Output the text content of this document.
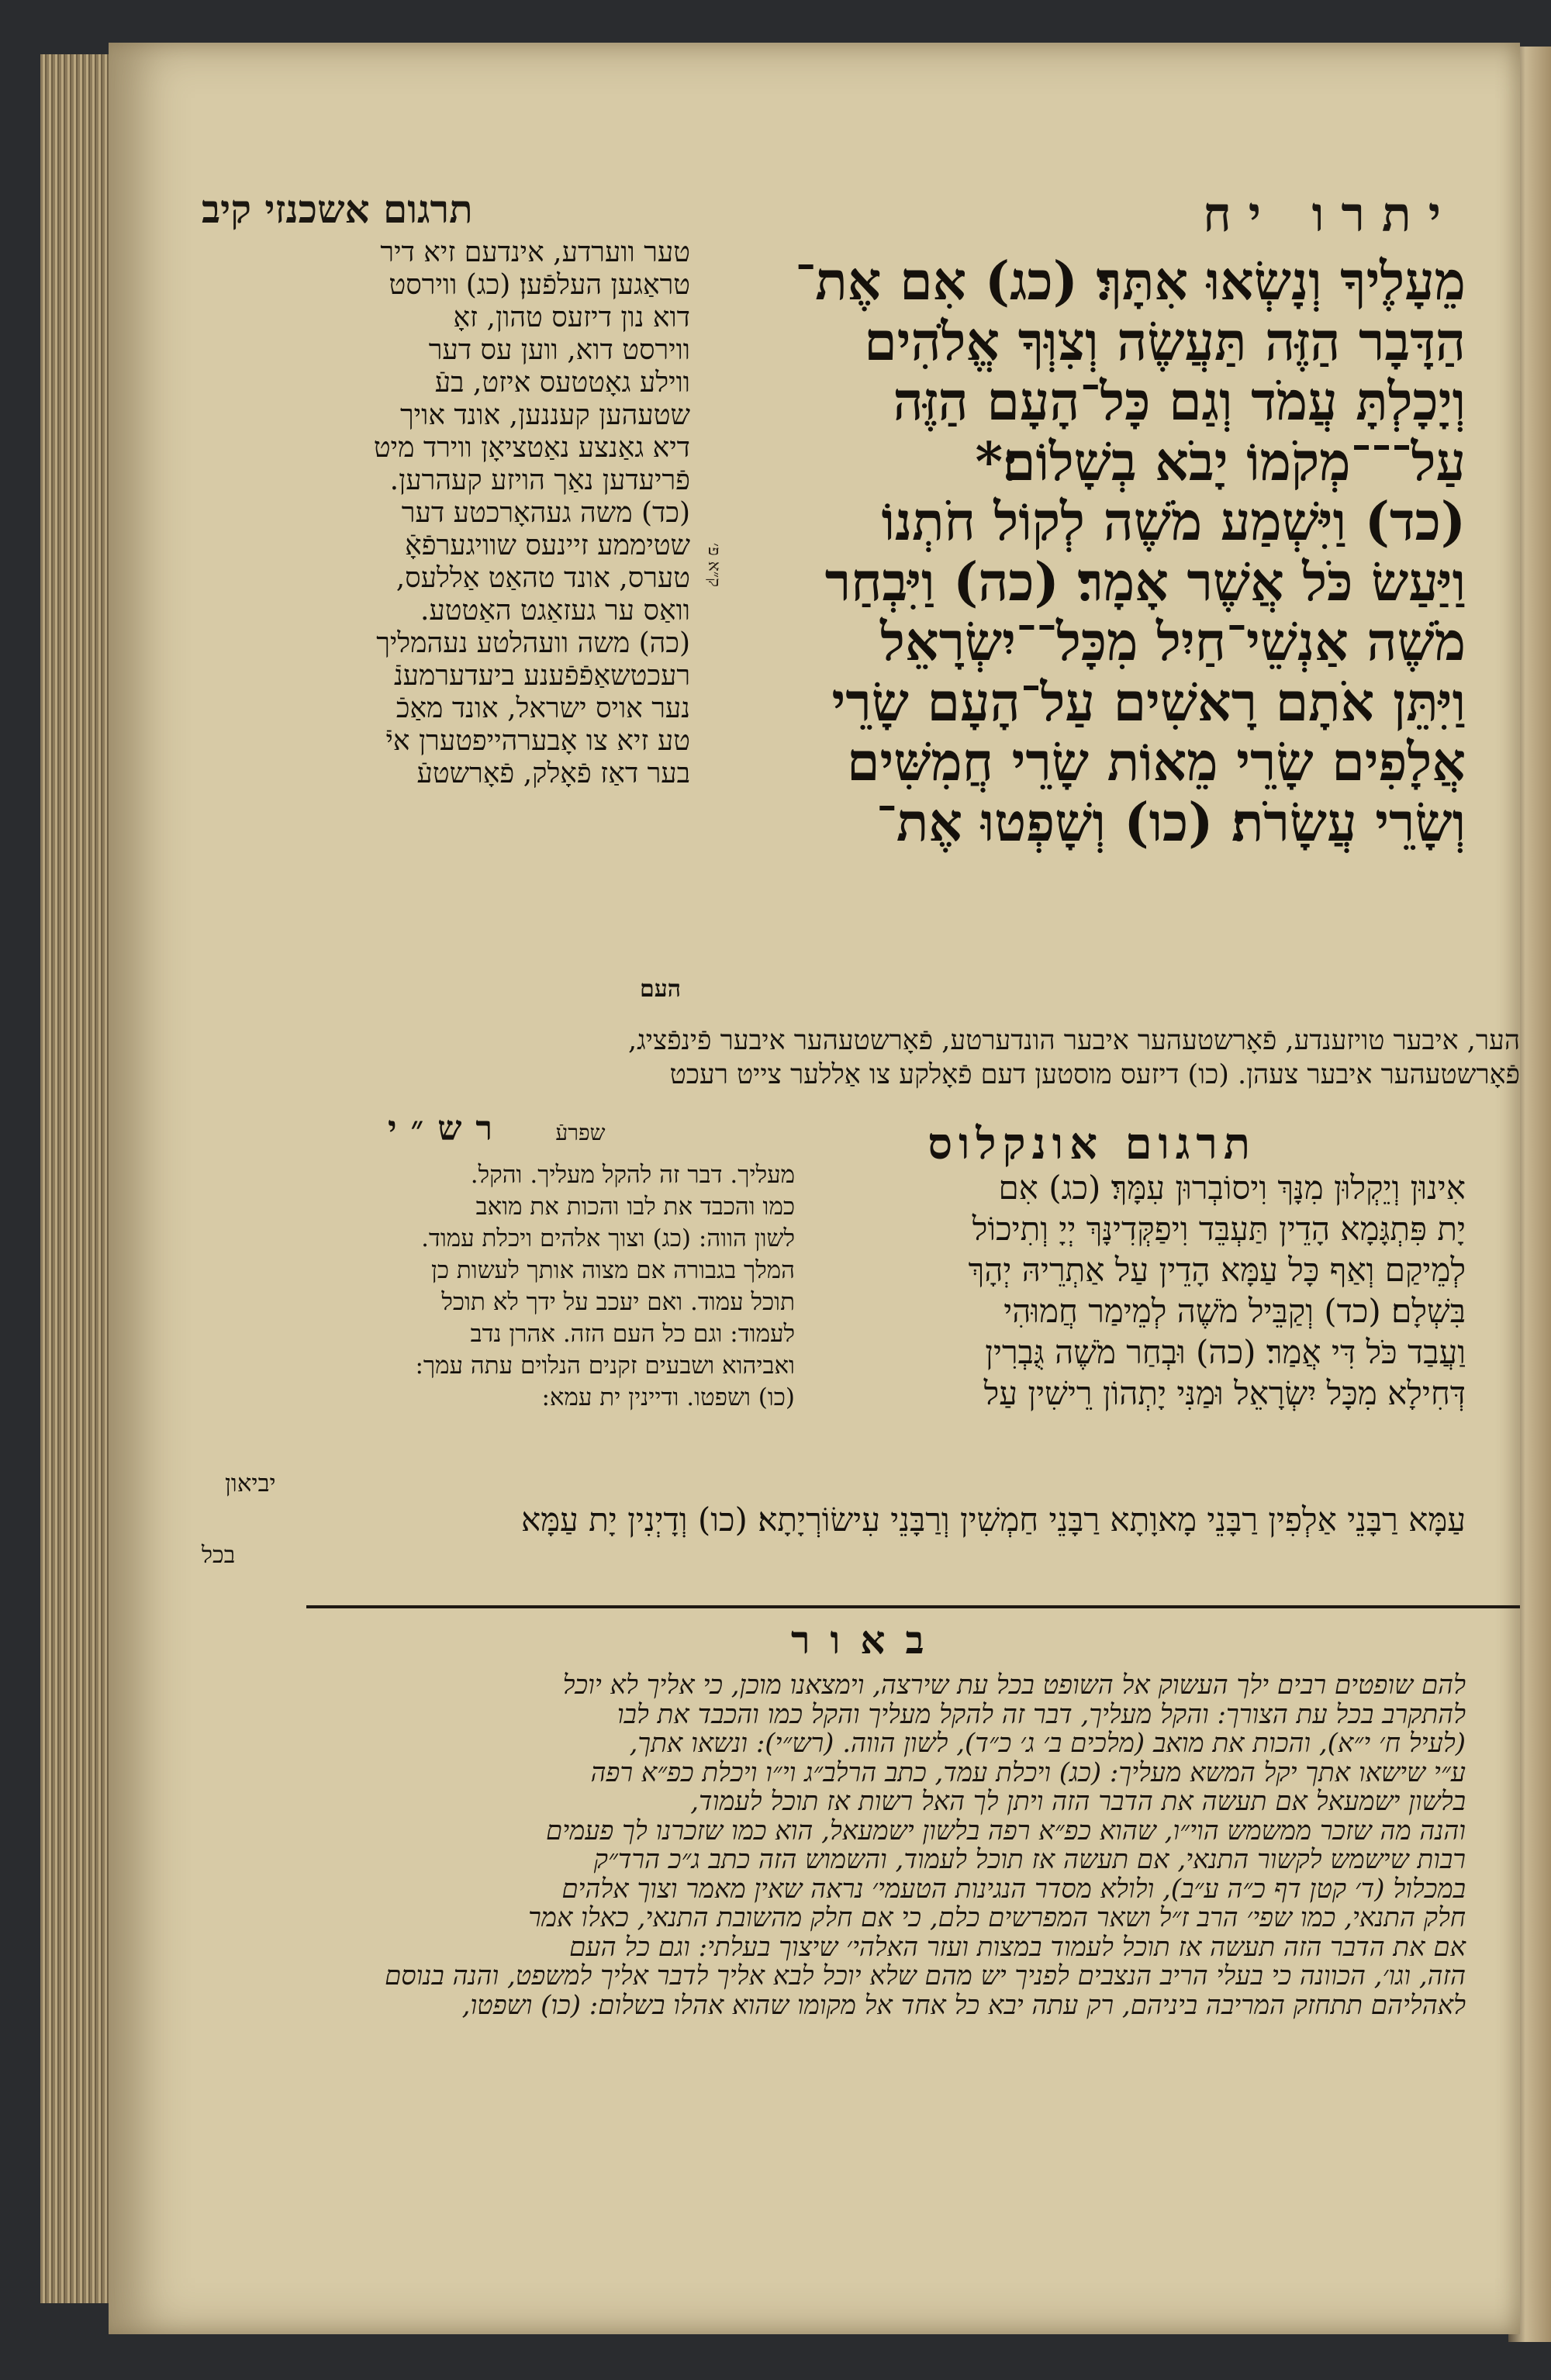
יתרו יח
תרגום אשכנזי קיב
מֵעָלֶיךָ וְנָשְׂאוּ אִתָּךְ׃ (כג) אִם אֶת־
הַדָּבָר הַזֶּה תַּעֲשֶׂה וְצִוְּךָ אֱלֹהִים
וְיָכָלְתָּ עֲמֹד וְגַם כָּל־הָעָם הַזֶּה
עַל־־־מְקֹמוֹ יָבֹא בְשָׁלוֹם׃*
(כד) וַיִּשְׁמַע מֹשֶׁה לְקוֹל חֹתְנוֹ
וַיַּעַשׂ כֹּל אֲשֶׁר אָמָר׃ (כה) וַיִּבְחַר
מֹשֶׁה אַנְשֵׁי־חַיִל מִכָּל־־יִשְׂרָאֵל
וַיִּתֵּן אֹתָם רָאשִׁים עַל־הָעָם שָׂרֵי
אֲלָפִים שָׂרֵי מֵאוֹת שָׂרֵי חֲמִשִּׁים
וְשָׂרֵי עֲשָׂרֹת׃ (כו) וְשָׁפְטוּ אֶת־
העם
טער ווערדע, אינדעם זיא דיר
טראַגען העלפֿען׃ (כג) ווירסט
דוא נון דיזעס טהון, זאָ
ווירסט דוא, ווען עס דער
ווילע גאָטטעס איזט, בעֿ
שטעהען קעננען, אונד אויך
דיא גאַנצע נאַטציאָן ווירד מיט
פֿריעדען נאַך הויזע קעהרען.
(כד) משה געהאָרכטע דער
שטיממע זיינעס שוויגערפֿאָֿ
טערס, אונד טהאַט אַללעס,
וואַס ער געזאַגט האַטטע.
(כה) משה וועהלטע נעהמליך
רעכטשאַפֿפֿענע ביעדערמענֿ
נער אויס ישראל, אונד מאַכֿ
טע זיא צו אָבערהייפטערן איֿ
בער דאַז פֿאָלק, פֿאָרשטעֿ
ק״א פ׳
הער, איבער טויזענדע, פֿאָרשטעהער איבער הונדערטע, פֿאָרשטעהער איבער פֿינפֿציג,
פֿאָרשטעהער איבער צעהן. (כו) דיזעס מוסטען דעם פֿאָלקע צו אַללער צייט רעכט
שפרעֿ רש״י	תרגום אונקלוס
מעליך. דבר זה להקל מעליך. והקל.
כמו והכבד את לבו והכות את מואב
לשון הווה: (כג) וצוך אלהים ויכלת עמוד.
המלך בגבורה אם מצוה אותך לעשות כן
תוכל עמוד. ואם יעכב על ידך לא תוכל
לעמוד: וגם כל העם הזה. אהרן נדב
ואביהוא ושבעים זקנים הנלוים עתה עמך:
(כו) ושפטו. ודיינין ית עמא:
יביאון
אִינוּן וְיֵקְלוּן מִנָּךְ וִיסוֹבְרוּן עִמָּךְ׃ (כג) אִם
יָת פִּתְגָּמָא הָדֵין תַּעְבֵּד וִיפַקְּדִינָּךְ יְיָ וְתִיכוֹל
לְמֵיקַם וְאַף כָּל עַמָּא הָדֵין עַל אַתְרֵיהּ יְהָךְ
בִּשְׁלָם׃ (כד) וְקַבֵּיל מֹשֶׁה לְמֵימַר חֲמוּהִי
וַעֲבַד כֹּל דִּי אֲמַר׃ (כה) וּבְחַר מֹשֶׁה גֻּבְרִין
דְּחִילָא מִכָּל יִשְׂרָאֵל וּמַנִּי יָתְהוֹן רֵישִׁין עַל
עַמָּא רַבָּנֵי אַלְפִין רַבָּנֵי מָאוָתָא רַבָּנֵי חַמְשִׁין וְרַבָּנֵי עִישׂוֹרְיָתָא׃ (כו) וְדָיְנִין יָת עַמָּא
בכל
באור
להם שופטים רבים ילך העשוק אל השופט בכל עת שירצה, וימצאנו מוכן, כי אליך לא יוכל
להתקרב בכל עת הצורך: והקל מעליך, דבר זה להקל מעליך והקל כמו והכבד את לבו
(לעיל ח׳ י״א), והכות את מואב (מלכים ב׳ ג׳ כ״ד), לשון הווה. (רש״י): ונשאו אתך,
ע״י שישאו אתך יקל המשא מעליך: (כג) ויכלת עמד, כתב הרלב״ג וי״ו ויכלת כפ״א רפה
בלשון ישמעאל אם תעשה את הדבר הזה ויתן לך האל רשות אז תוכל לעמוד,
והנה מה שזכר ממשמש הוי״ו, שהוא כפ״א רפה בלשון ישמעאל, הוא כמו שזכרנו לך פעמים
רבות שישמש לקשור התנאי, אם תעשה אז תוכל לעמוד, והשמוש הזה כתב ג״כ הרד״ק
במכלול (ד׳ קטן דף כ״ה ע״ב), ולולא מסדר הנגינות הטעמי׳ נראה שאין מאמר וצוך אלהים
חלק התנאי, כמו שפי׳ הרב ז״ל ושאר המפרשים כלם, כי אם חלק מהשובת התנאי, כאלו אמר
אם את הדבר הזה תעשה אז תוכל לעמוד במצות ועזר האלהי׳ שיצוך בעלתי: וגם כל העם
הזה, וגו׳, הכוונה כי בעלי הריב הנצבים לפניך יש מהם שלא יוכל לבא אליך לדבר אליך למשפט, והנה בנוסם
לאהליהם תתחזק המריבה ביניהם, רק עתה יבא כל אחד אל מקומו שהוא אהלו בשלום: (כו) ושפטו,
